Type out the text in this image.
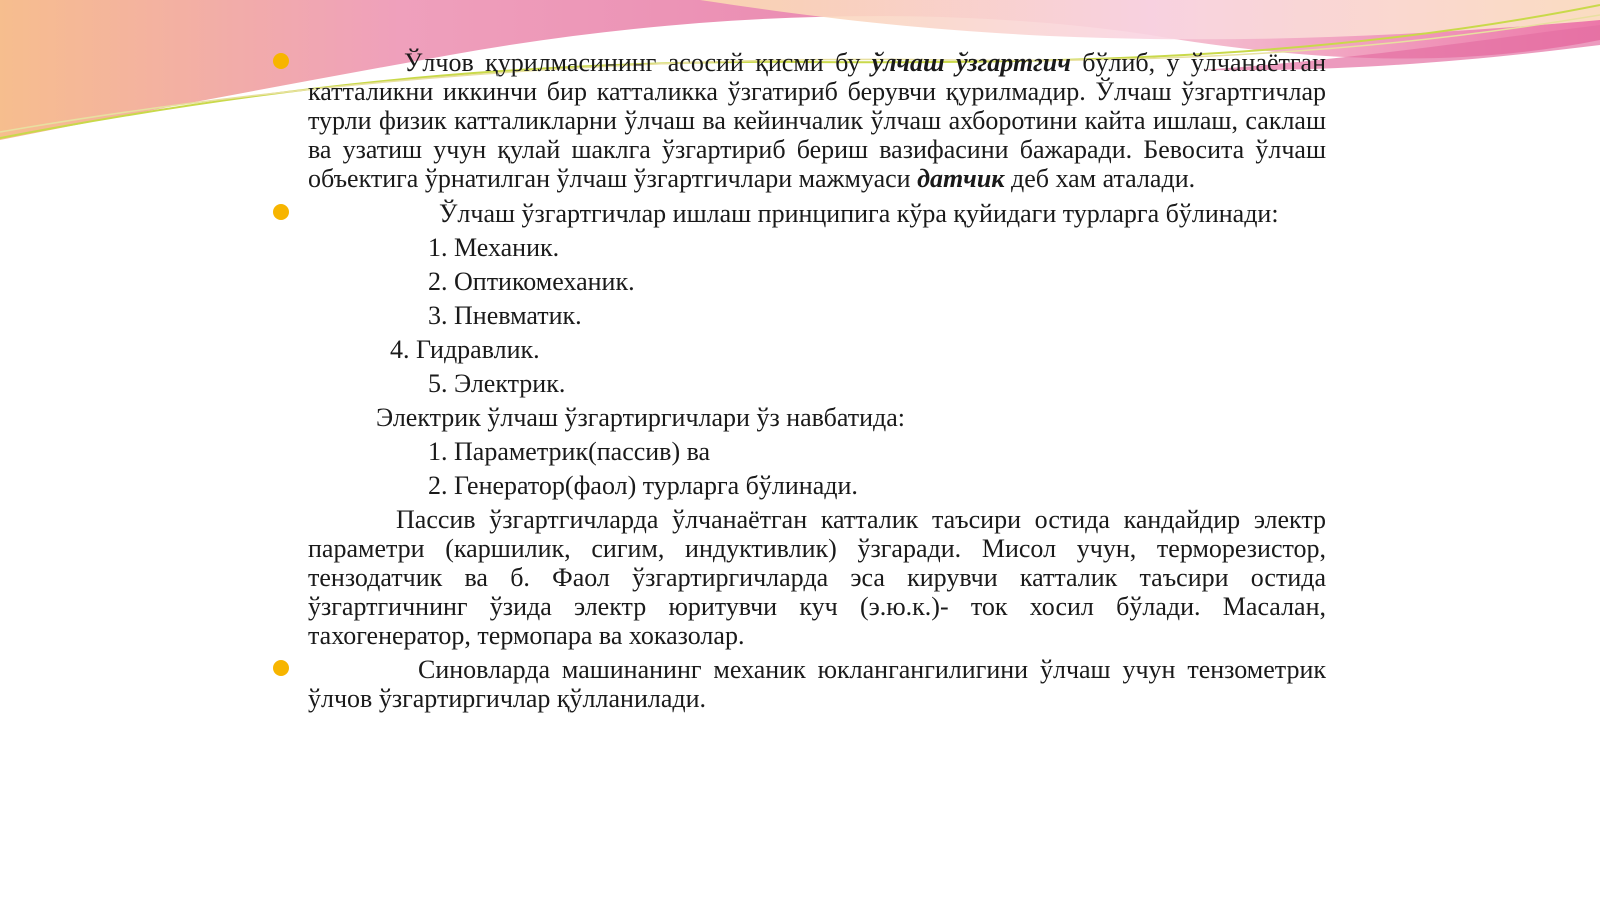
Ўлчов қурилмасининг асосий қисми бу ўлчаш ўзгартгич бўлиб, у ўлчанаётган катталикни иккинчи бир катталикка ўзгатириб берувчи қурилмадир. Ўлчаш ўзгартгичлар турли физик катталикларни ўлчаш ва кейинчалик ўлчаш ахборотини кайта ишлаш, саклаш ва узатиш учун қулай шаклга ўзгартириб бериш вазифасини бажаради. Бевосита ўлчаш объектига ўрнатилган ўлчаш ўзгартгичлари мажмуаси датчик деб хам аталади.

Ўлчаш ўзгартгичлар ишлаш принципига кўра қуйидаги турларга бўлинади:

1. Механик.

2. Оптикомеханик.

3. Пневматик.

4. Гидравлик.

5. Электрик.

Электрик ўлчаш ўзгартиргичлари ўз навбатида:

1. Параметрик(пассив) ва

2. Генератор(фаол) турларга бўлинади.

Пассив ўзгартгичларда ўлчанаётган катталик таъсири остида кандайдир электр параметри (каршилик, сигим, индуктивлик) ўзгаради. Мисол учун, терморезистор, тензодатчик ва б. Фаол ўзгартиргичларда эса кирувчи катталик таъсири остида ўзгартгичнинг ўзида электр юритувчи куч (э.ю.к.)- ток хосил бўлади. Масалан, тахогенератор, термопара ва хоказолар.

Синовларда машинанинг механик юклангангилигини ўлчаш учун тензометрик ўлчов ўзгартиргичлар қўлланилади.
